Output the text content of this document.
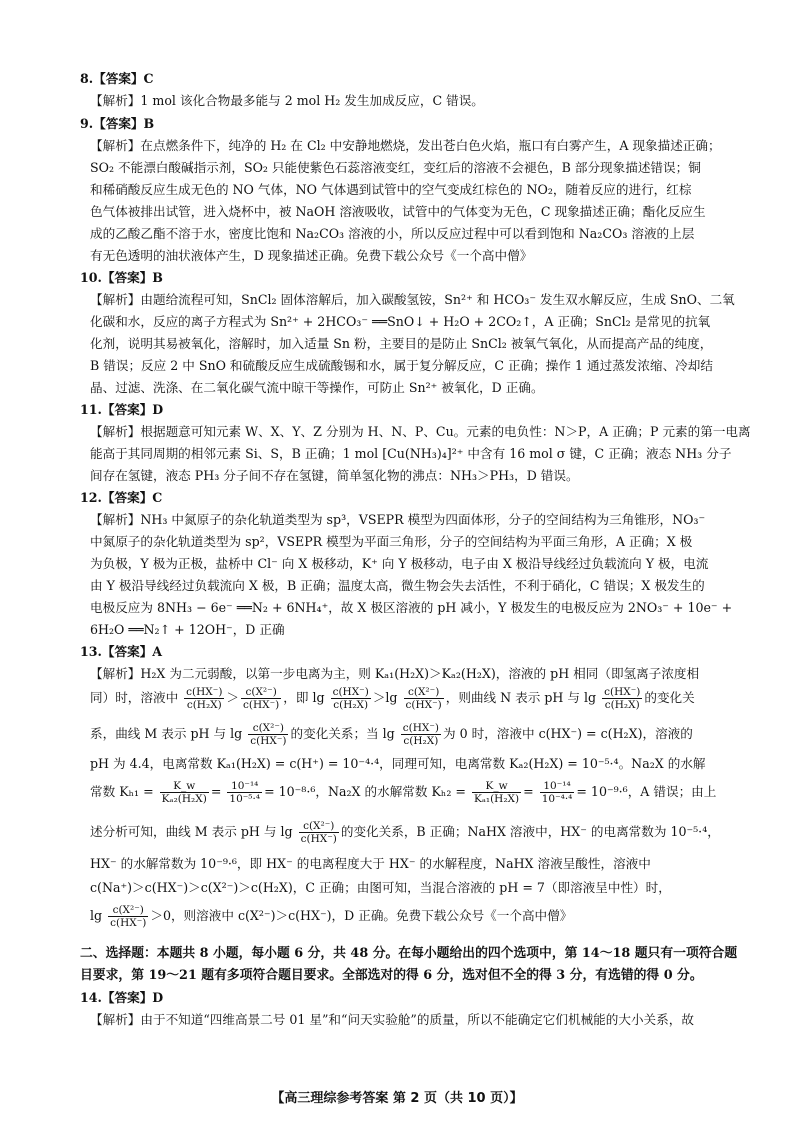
8.【答案】C
【解析】1 mol 该化合物最多能与 2 mol H₂ 发生加成反应，C 错误。
9.【答案】B
【解析】在点燃条件下，纯净的 H₂ 在 Cl₂ 中安静地燃烧，发出苍白色火焰，瓶口有白雾产生，A 现象描述正确；
SO₂ 不能漂白酸碱指示剂，SO₂ 只能使紫色石蕊溶液变红，变红后的溶液不会褪色，B 部分现象描述错误；铜
和稀硝酸反应生成无色的 NO 气体，NO 气体遇到试管中的空气变成红棕色的 NO₂，随着反应的进行，红棕
色气体被排出试管，进入烧杯中，被 NaOH 溶液吸收，试管中的气体变为无色，C 现象描述正确；酯化反应生
成的乙酸乙酯不溶于水，密度比饱和 Na₂CO₃ 溶液的小，所以反应过程中可以看到饱和 Na₂CO₃ 溶液的上层
有无色透明的油状液体产生，D 现象描述正确。免费下载公众号《一个高中僧》
10.【答案】B
【解析】由题给流程可知，SnCl₂ 固体溶解后，加入碳酸氢铵，Sn²⁺ 和 HCO₃⁻ 发生双水解反应，生成 SnO、二氧
化碳和水，反应的离子方程式为 Sn²⁺ + 2HCO₃⁻ ══SnO↓ + H₂O + 2CO₂↑，A 正确；SnCl₂ 是常见的抗氧
化剂，说明其易被氧化，溶解时，加入适量 Sn 粉，主要目的是防止 SnCl₂ 被氧气氧化，从而提高产品的纯度，
B 错误；反应 2 中 SnO 和硫酸反应生成硫酸锡和水，属于复分解反应，C 正确；操作 1 通过蒸发浓缩、冷却结
晶、过滤、洗涤、在二氧化碳气流中晾干等操作，可防止 Sn²⁺ 被氧化，D 正确。
11.【答案】D
【解析】根据题意可知元素 W、X、Y、Z 分别为 H、N、P、Cu。元素的电负性：N＞P，A 正确；P 元素的第一电离
能高于其同周期的相邻元素 Si、S，B 正确；1 mol [Cu(NH₃)₄]²⁺ 中含有 16 mol σ 键，C 正确；液态 NH₃ 分子
间存在氢键，液态 PH₃ 分子间不存在氢键，简单氢化物的沸点：NH₃＞PH₃，D 错误。
12.【答案】C
【解析】NH₃ 中氮原子的杂化轨道类型为 sp³，VSEPR 模型为四面体形，分子的空间结构为三角锥形，NO₃⁻
中氮原子的杂化轨道类型为 sp²，VSEPR 模型为平面三角形，分子的空间结构为平面三角形，A 正确；X 极
为负极，Y 极为正极，盐桥中 Cl⁻ 向 X 极移动，K⁺ 向 Y 极移动，电子由 X 极沿导线经过负载流向 Y 极，电流
由 Y 极沿导线经过负载流向 X 极，B 正确；温度太高，微生物会失去活性，不利于硝化，C 错误；X 极发生的
电极反应为 8NH₃ − 6e⁻ ══N₂ + 6NH₄⁺，故 X 极区溶液的 pH 减小，Y 极发生的电极反应为 2NO₃⁻ + 10e⁻ +
6H₂O ══N₂↑ + 12OH⁻，D 正确
13.【答案】A
【解析】H₂X 为二元弱酸，以第一步电离为主，则 Kₐ₁(H₂X)＞Kₐ₂(H₂X)，溶液的 pH 相同（即氢离子浓度相
同）时，溶液中 $\frac{c(HX^-)}{\text{c(H₂X)}} > \frac{\text{c(X²⁻)}}{c(HX^-)}$ ，即 $\lg \frac{c(HX^-)}{\text{c(H₂X)}} >\lg \frac{\text{c(X²⁻)}}{c(HX^-)}$ ，则曲线 N 表示 pH 与 $\lg \frac{c(HX^-)}{\text{c(H₂X)}}$ 的变化关
系，曲线 M 表示 pH 与 $\lg \frac{\text{c(X²⁻)}}{c(HX^-)}$ 的变化关系；当 $\lg \frac{c(HX^-)}{\text{c(H₂X)}}$ 为 0 时，溶液中 c(HX⁻) = c(H₂X)，溶液的
pH 为 4.4，电离常数 Kₐ₁(H₂X) = c(H⁺) = 10⁻⁴·⁴，同理可知，电离常数 Kₐ₂(H₂X) = 10⁻⁵·⁴。Na₂X 的水解
常数 $K_{h1} = \frac{K\_w}{\text{Kₐ₂(H₂X)}} = \frac{\text{10⁻¹⁴}}{\text{10⁻⁵·⁴}} = 10^{-8}\cdot^6$，Na₂X 的水解常数 $K_{h2} = \frac{K\_w}{\text{Kₐ₁(H₂X)}} = \frac{\text{10⁻¹⁴}}{\text{10⁻⁴·⁴}} = 10^{-9}\cdot^6$，A 错误；由上
述分析可知，曲线 M 表示 pH 与 $\lg \frac{\text{c(X²⁻)}}{c(HX^-)}$ 的变化关系，B 正确；NaHX 溶液中，HX⁻ 的电离常数为 10⁻⁵·⁴，
HX⁻ 的水解常数为 10⁻⁹·⁶，即 HX⁻ 的电离程度大于 HX⁻ 的水解程度，NaHX 溶液呈酸性，溶液中
c(Na⁺)＞c(HX⁻)＞c(X²⁻)＞c(H₂X)，C 正确；由图可知，当混合溶液的 pH = 7（即溶液呈中性）时，
$\lg \frac{\text{c(X²⁻)}}{c(HX^-)} >0$，则溶液中 c(X²⁻)＞c(HX⁻)，D 正确。免费下载公众号《一个高中僧》
二、选择题：本题共 8 小题，每小题 6 分，共 48 分。在每小题给出的四个选项中，第 14～18 题只有一项符合题
目要求，第 19～21 题有多项符合题目要求。全部选对的得 6 分，选对但不全的得 3 分，有选错的得 0 分。
14.【答案】D
【解析】由于不知道“四维高景二号 01 星”和“问天实验舱”的质量，所以不能确定它们机械能的大小关系，故
【高三理综参考答案 第 2 页（共 10 页）】
